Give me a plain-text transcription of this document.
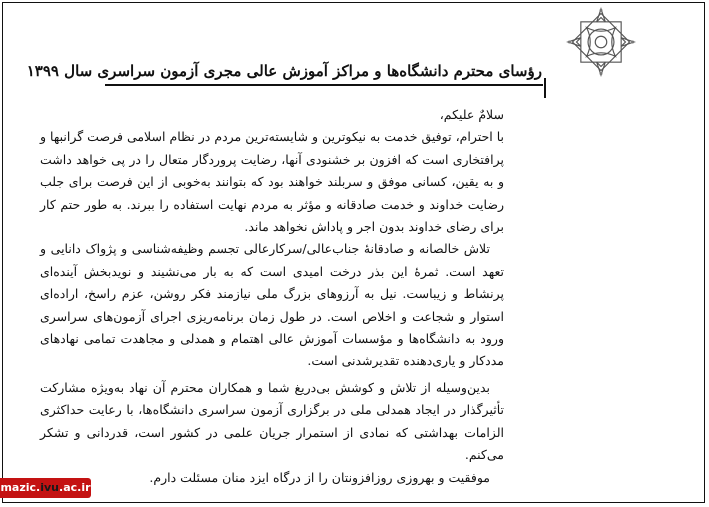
رؤسای محترم دانشگاه‌ها و مراکز آموزش عالی مجری آزمون سراسری سال ۱۳۹۹

سلامٌ علیکم،

با احترام، توفیق خدمت به نیکوترین و شایسته‌ترین مردم در نظام اسلامی فرصت گرانبها و پرافتخاری است که افزون بر خشنودی آنها، رضایت پروردگار متعال را در پی خواهد داشت و به یقین، کسانی موفق و سربلند خواهند بود که بتوانند به‌خوبی از این فرصت برای جلب رضایت خداوند و خدمت صادقانه و مؤثر به مردم نهایت استفاده را ببرند. به طور حتم کار برای رضای خداوند بدون اجر و پاداش نخواهد ماند.

تلاش خالصانه و صادقانهٔ جناب‌عالی/سرکارعالی تجسم وظیفه‌شناسی و پژواک دانایی و تعهد است. ثمرهٔ این بذر درخت امیدی است که به بار می‌نشیند و نویدبخش آینده‌ای پرنشاط و زیباست. نیل به آرزوهای بزرگ ملی نیازمند فکر روشن، عزم راسخ، اراده‌ای استوار و شجاعت و اخلاص است. در طول زمان برنامه‌ریزی اجرای آزمون‌های سراسری ورود به دانشگاه‌ها و مؤسسات آموزش عالی اهتمام و همدلی و مجاهدت تمامی نهادهای مددکار و یاری‌دهنده تقدیرشدنی است.

بدین‌وسیله از تلاش و کوشش بی‌دریغ شما و همکاران محترم آن نهاد به‌ویژه مشارکت تأثیرگذار در ایجاد همدلی ملی در برگزاری آزمون سراسری دانشگاه‌ها، با رعایت حداکثری الزامات بهداشتی که نمادی از استمرار جریان علمی در کشور است، قدردانی و تشکر می‌کنم.

موفقیت و بهروزی روزافزونتان را از درگاه ایزد منان مسئلت دارم.

mazic.ivu.ac.ir
